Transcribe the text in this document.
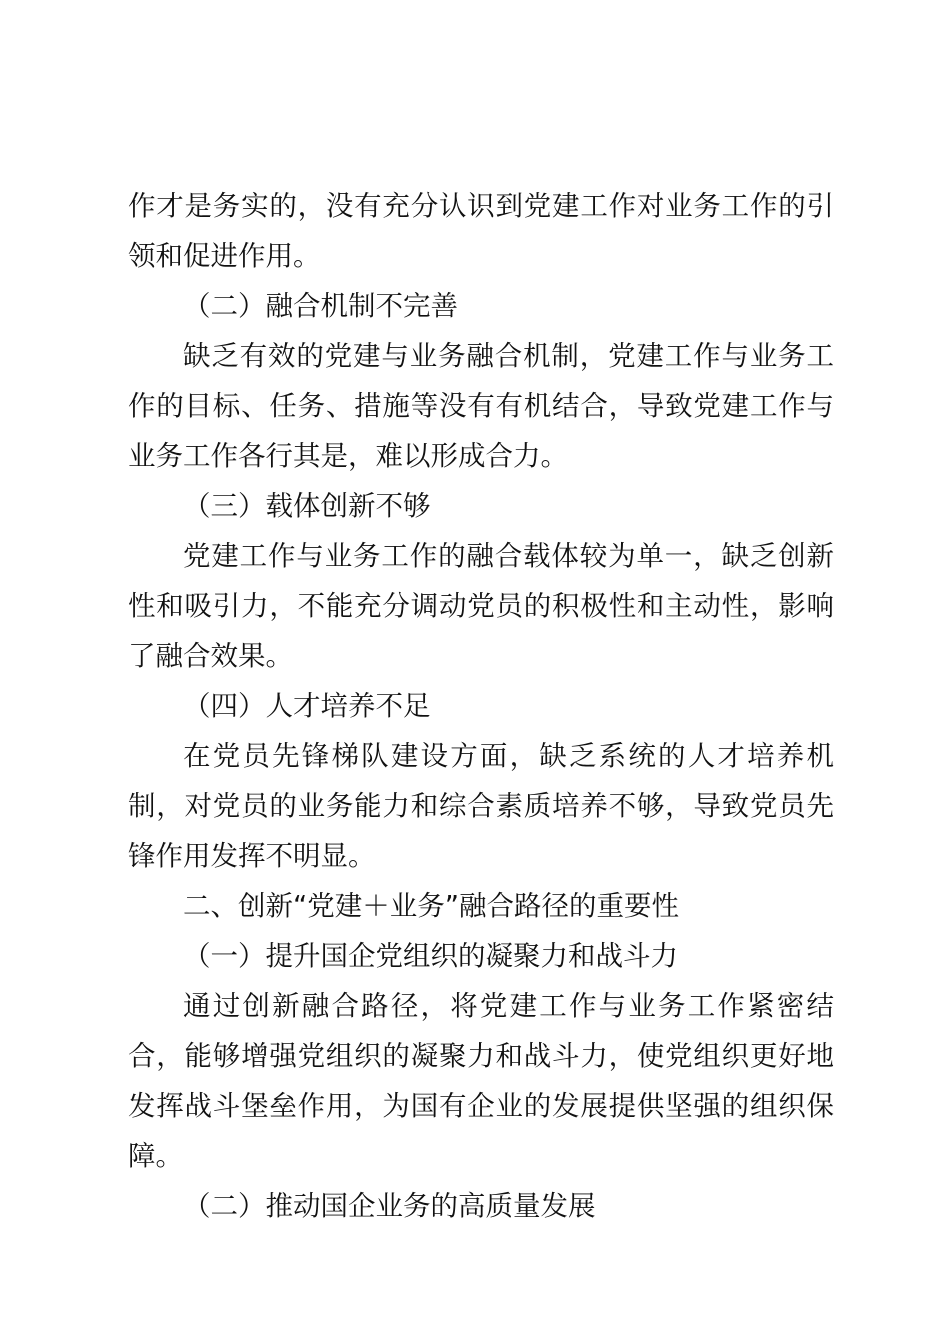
作才是务实的，没有充分认识到党建工作对业务工作的引领和促进作用。

（二）融合机制不完善

缺乏有效的党建与业务融合机制，党建工作与业务工作的目标、任务、措施等没有有机结合，导致党建工作与业务工作各行其是，难以形成合力。

（三）载体创新不够

党建工作与业务工作的融合载体较为单一，缺乏创新性和吸引力，不能充分调动党员的积极性和主动性，影响了融合效果。

（四）人才培养不足

在党员先锋梯队建设方面，缺乏系统的人才培养机制，对党员的业务能力和综合素质培养不够，导致党员先锋作用发挥不明显。

二、创新“党建＋业务”融合路径的重要性

（一）提升国企党组织的凝聚力和战斗力

通过创新融合路径，将党建工作与业务工作紧密结合，能够增强党组织的凝聚力和战斗力，使党组织更好地发挥战斗堡垒作用，为国有企业的发展提供坚强的组织保障。

（二）推动国企业务的高质量发展
